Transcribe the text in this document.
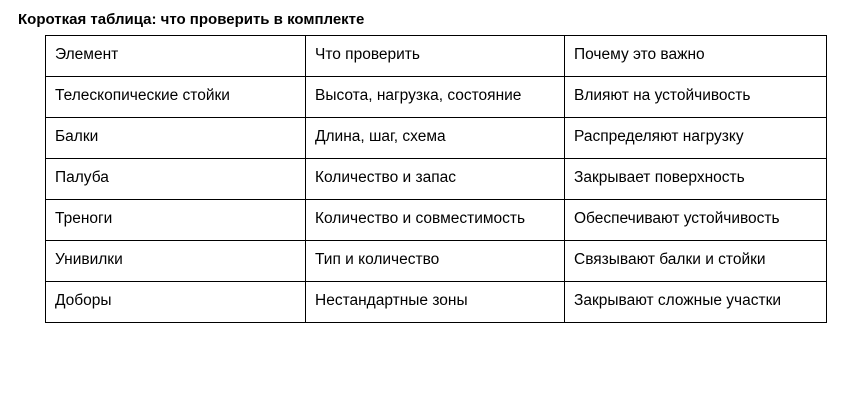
Короткая таблица: что проверить в комплекте
Элемент	Что проверить	Почему это важно
Телескопические стойки	Высота, нагрузка, состояние	Влияют на устойчивость
Балки	Длина, шаг, схема	Распределяют нагрузку
Палуба	Количество и запас	Закрывает поверхность
Треноги	Количество и совместимость	Обеспечивают устойчивость
Унивилки	Тип и количество	Связывают балки и стойки
Доборы	Нестандартные зоны	Закрывают сложные участки
